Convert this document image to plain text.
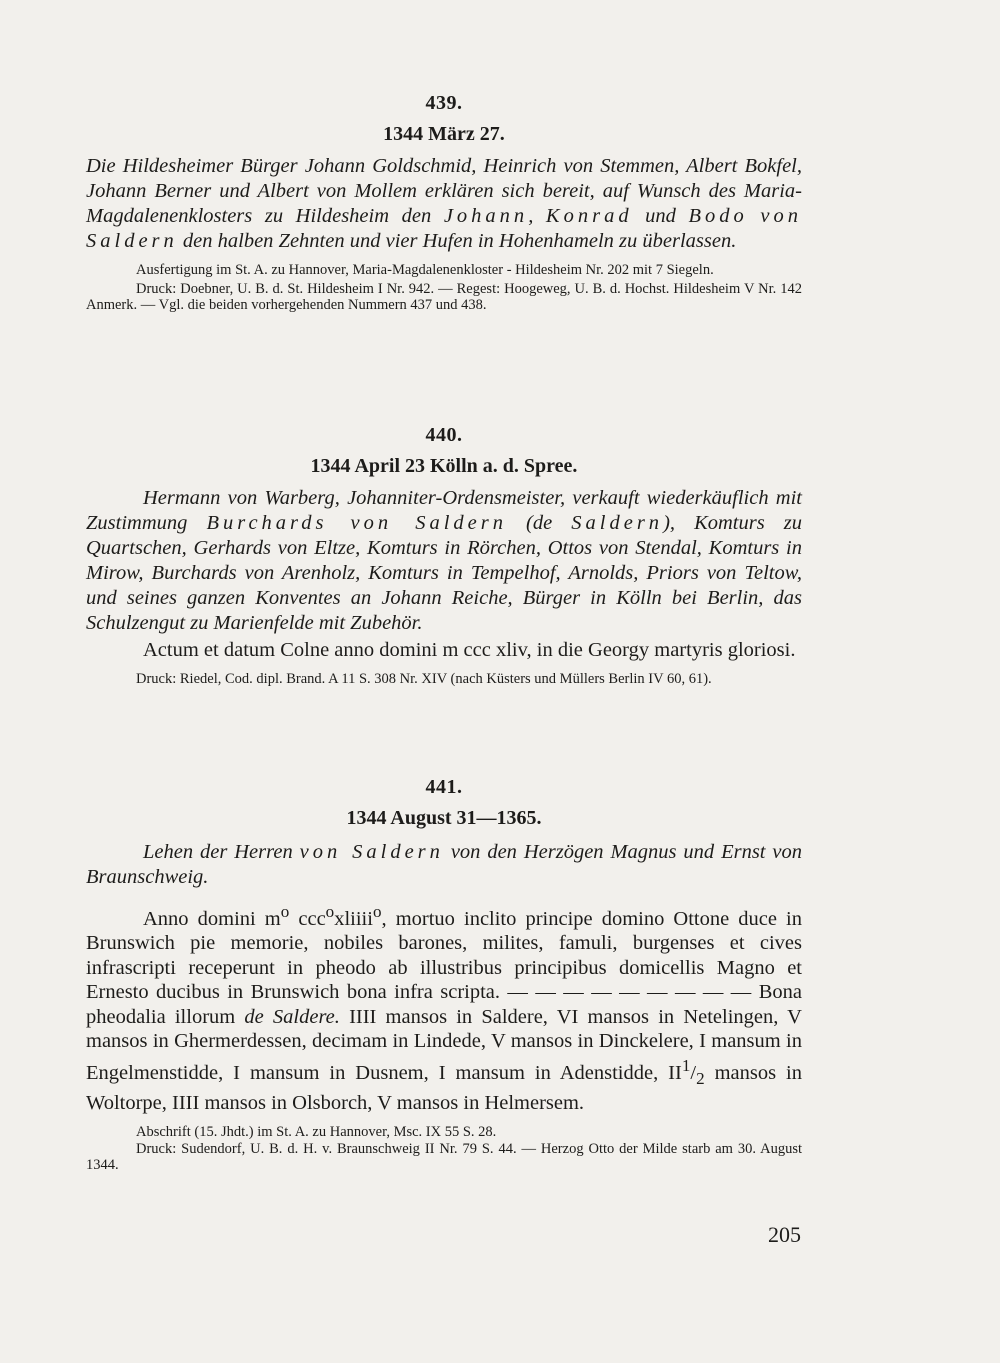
439.
1344 März 27.

Die Hildesheimer Bürger Johann Goldschmid, Heinrich von Stemmen, Albert Bokfel, Johann Berner und Albert von Mollem erklären sich bereit, auf Wunsch des Maria-Magdalenenklosters zu Hildesheim den Johann, Konrad und Bodo von Saldern den halben Zehnten und vier Hufen in Hohenhameln zu überlassen.

Ausfertigung im St. A. zu Hannover, Maria-Magdalenenkloster - Hildesheim Nr. 202 mit 7 Siegeln.

Druck: Doebner, U. B. d. St. Hildesheim I Nr. 942. — Regest: Hoogeweg, U. B. d. Hochst. Hildesheim V Nr. 142 Anmerk. — Vgl. die beiden vorhergehenden Nummern 437 und 438.

440.
1344 April 23 Kölln a. d. Spree.

Hermann von Warberg, Johanniter-Ordensmeister, verkauft wiederkäuflich mit Zustimmung Burchards von Saldern (de Saldern), Komturs zu Quartschen, Gerhards von Eltze, Komturs in Rörchen, Ottos von Stendal, Komturs in Mirow, Burchards von Arenholz, Komturs in Tempelhof, Arnolds, Priors von Teltow, und seines ganzen Konventes an Johann Reiche, Bürger in Kölln bei Berlin, das Schulzengut zu Marienfelde mit Zubehör.

Actum et datum Colne anno domini m ccc xliv, in die Georgy martyris gloriosi.

Druck: Riedel, Cod. dipl. Brand. A 11 S. 308 Nr. XIV (nach Küsters und Müllers Berlin IV 60, 61).

441.
1344 August 31—1365.

Lehen der Herren von Saldern von den Herzögen Magnus und Ernst von Braunschweig.

Anno domini $m^o$ ccc$^o$xliiii$^o$, mortuo inclito principe domino Ottone duce in Brunswich pie memorie, nobiles barones, milites, famuli, burgenses et cives infrascripti receperunt in pheodo ab illustribus principibus domicellis Magno et Ernesto ducibus in Brunswich bona infra scripta. — — — — — — — — — Bona pheodalia illorum de Saldere. IIII mansos in Saldere, VI mansos in Netelingen, V mansos in Ghermerdessen, decimam in Lindede, V mansos in Dinckelere, I mansum in Engelmenstidde, I mansum in Dusnem, I mansum in Adenstidde, $II^1/_2$ mansos in Woltorpe, IIII mansos in Olsborch, V mansos in Helmersem.

Abschrift (15. Jhdt.) im St. A. zu Hannover, Msc. IX 55 S. 28.

Druck: Sudendorf, U. B. d. H. v. Braunschweig II Nr. 79 S. 44. — Herzog Otto der Milde starb am 30. August 1344.

205
